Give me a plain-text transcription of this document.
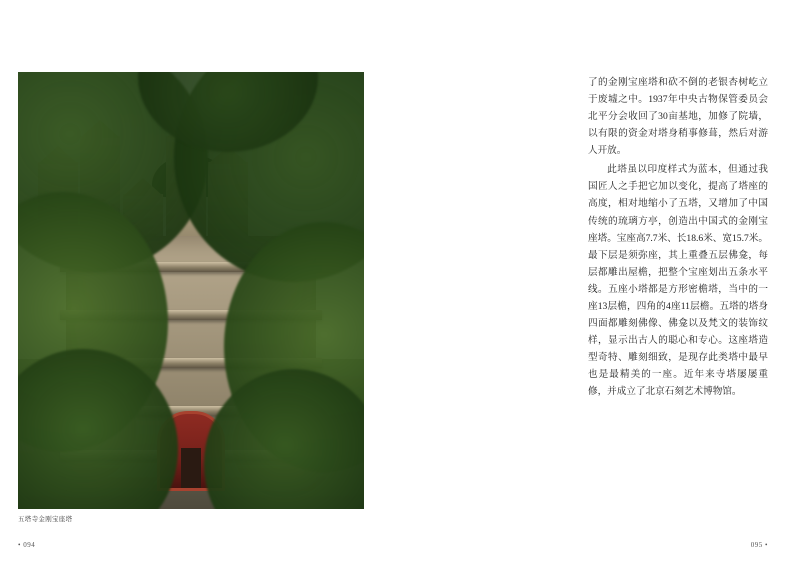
五塔寺金刚宝座塔
• 094

了的金刚宝座塔和砍不倒的老银杏树屹立于废墟之中。1937年中央古物保管委员会北平分会收回了30亩基地，加修了院墙，以有限的资金对塔身稍事修葺，然后对游人开放。

此塔虽以印度样式为蓝本，但通过我国匠人之手把它加以变化，提高了塔座的高度，相对地缩小了五塔，又增加了中国传统的琉璃方亭，创造出中国式的金刚宝座塔。宝座高7.7米、长18.6米、宽15.7米。最下层是须弥座，其上重叠五层佛龛，每层都雕出屋檐，把整个宝座划出五条水平线。五座小塔都是方形密檐塔，当中的一座13层檐，四角的4座11层檐。五塔的塔身四面都雕刻佛像、佛龛以及梵文的装饰纹样，显示出古人的聪心和专心。这座塔造型奇特、雕刻细致，是现存此类塔中最早也是最精美的一座。近年来寺塔屡屡重修，并成立了北京石刻艺术博物馆。

095 •
